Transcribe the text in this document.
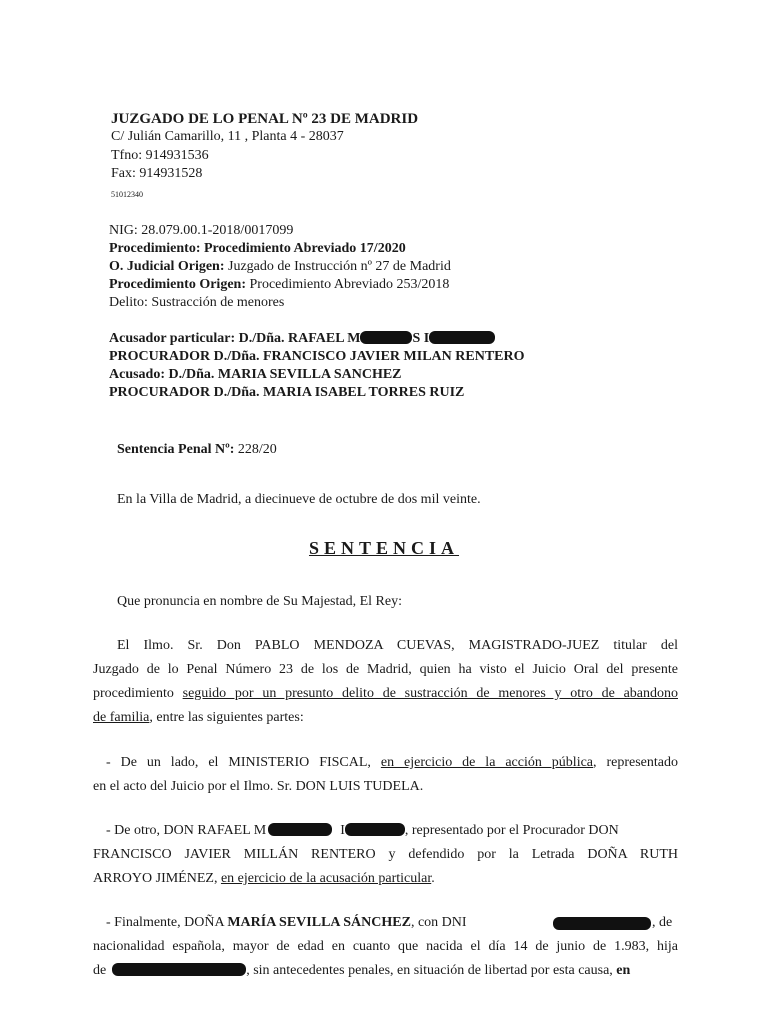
JUZGADO DE LO PENAL Nº 23 DE MADRID
C/ Julián Camarillo, 11 , Planta 4 - 28037
Tfno: 914931536
Fax: 914931528
51012340
NIG: 28.079.00.1-2018/0017099
Procedimiento: Procedimiento Abreviado 17/2020
O. Judicial Origen: Juzgado de Instrucción nº 27 de Madrid
Procedimiento Origen: Procedimiento Abreviado 253/2018
Delito: Sustracción de menores
Acusador particular: D./Dña. RAFAEL M	S I
PROCURADOR D./Dña. FRANCISCO JAVIER MILAN RENTERO
Acusado: D./Dña. MARIA SEVILLA SANCHEZ
PROCURADOR D./Dña. MARIA ISABEL TORRES RUIZ
Sentencia Penal Nº: 228/20
En la Villa de Madrid, a diecinueve de octubre de dos mil veinte.
SENTENCIA
Que pronuncia en nombre de Su Majestad, El Rey:
El Ilmo. Sr. Don PABLO MENDOZA CUEVAS, MAGISTRADO-JUEZ titular del
Juzgado de lo Penal Número 23 de los de Madrid, quien ha visto el Juicio Oral del presente
procedimiento seguido por un presunto delito de sustracción de menores y otro de abandono
de familia, entre las siguientes partes:
- De un lado, el MINISTERIO FISCAL, en ejercicio de la acción pública, representado
en el acto del Juicio por el Ilmo. Sr. DON LUIS TUDELA.
- De otro, DON RAFAEL M	I	, representado por el Procurador DON
FRANCISCO JAVIER MILLÁN RENTERO y defendido por la Letrada DOÑA RUTH
ARROYO JIMÉNEZ, en ejercicio de la acusación particular.
- Finalmente, DOÑA MARÍA SEVILLA SÁNCHEZ, con DNI	, de
nacionalidad española, mayor de edad en cuanto que nacida el día 14 de junio de 1.983, hija
de	, sin antecedentes penales, en situación de libertad por esta causa, en
